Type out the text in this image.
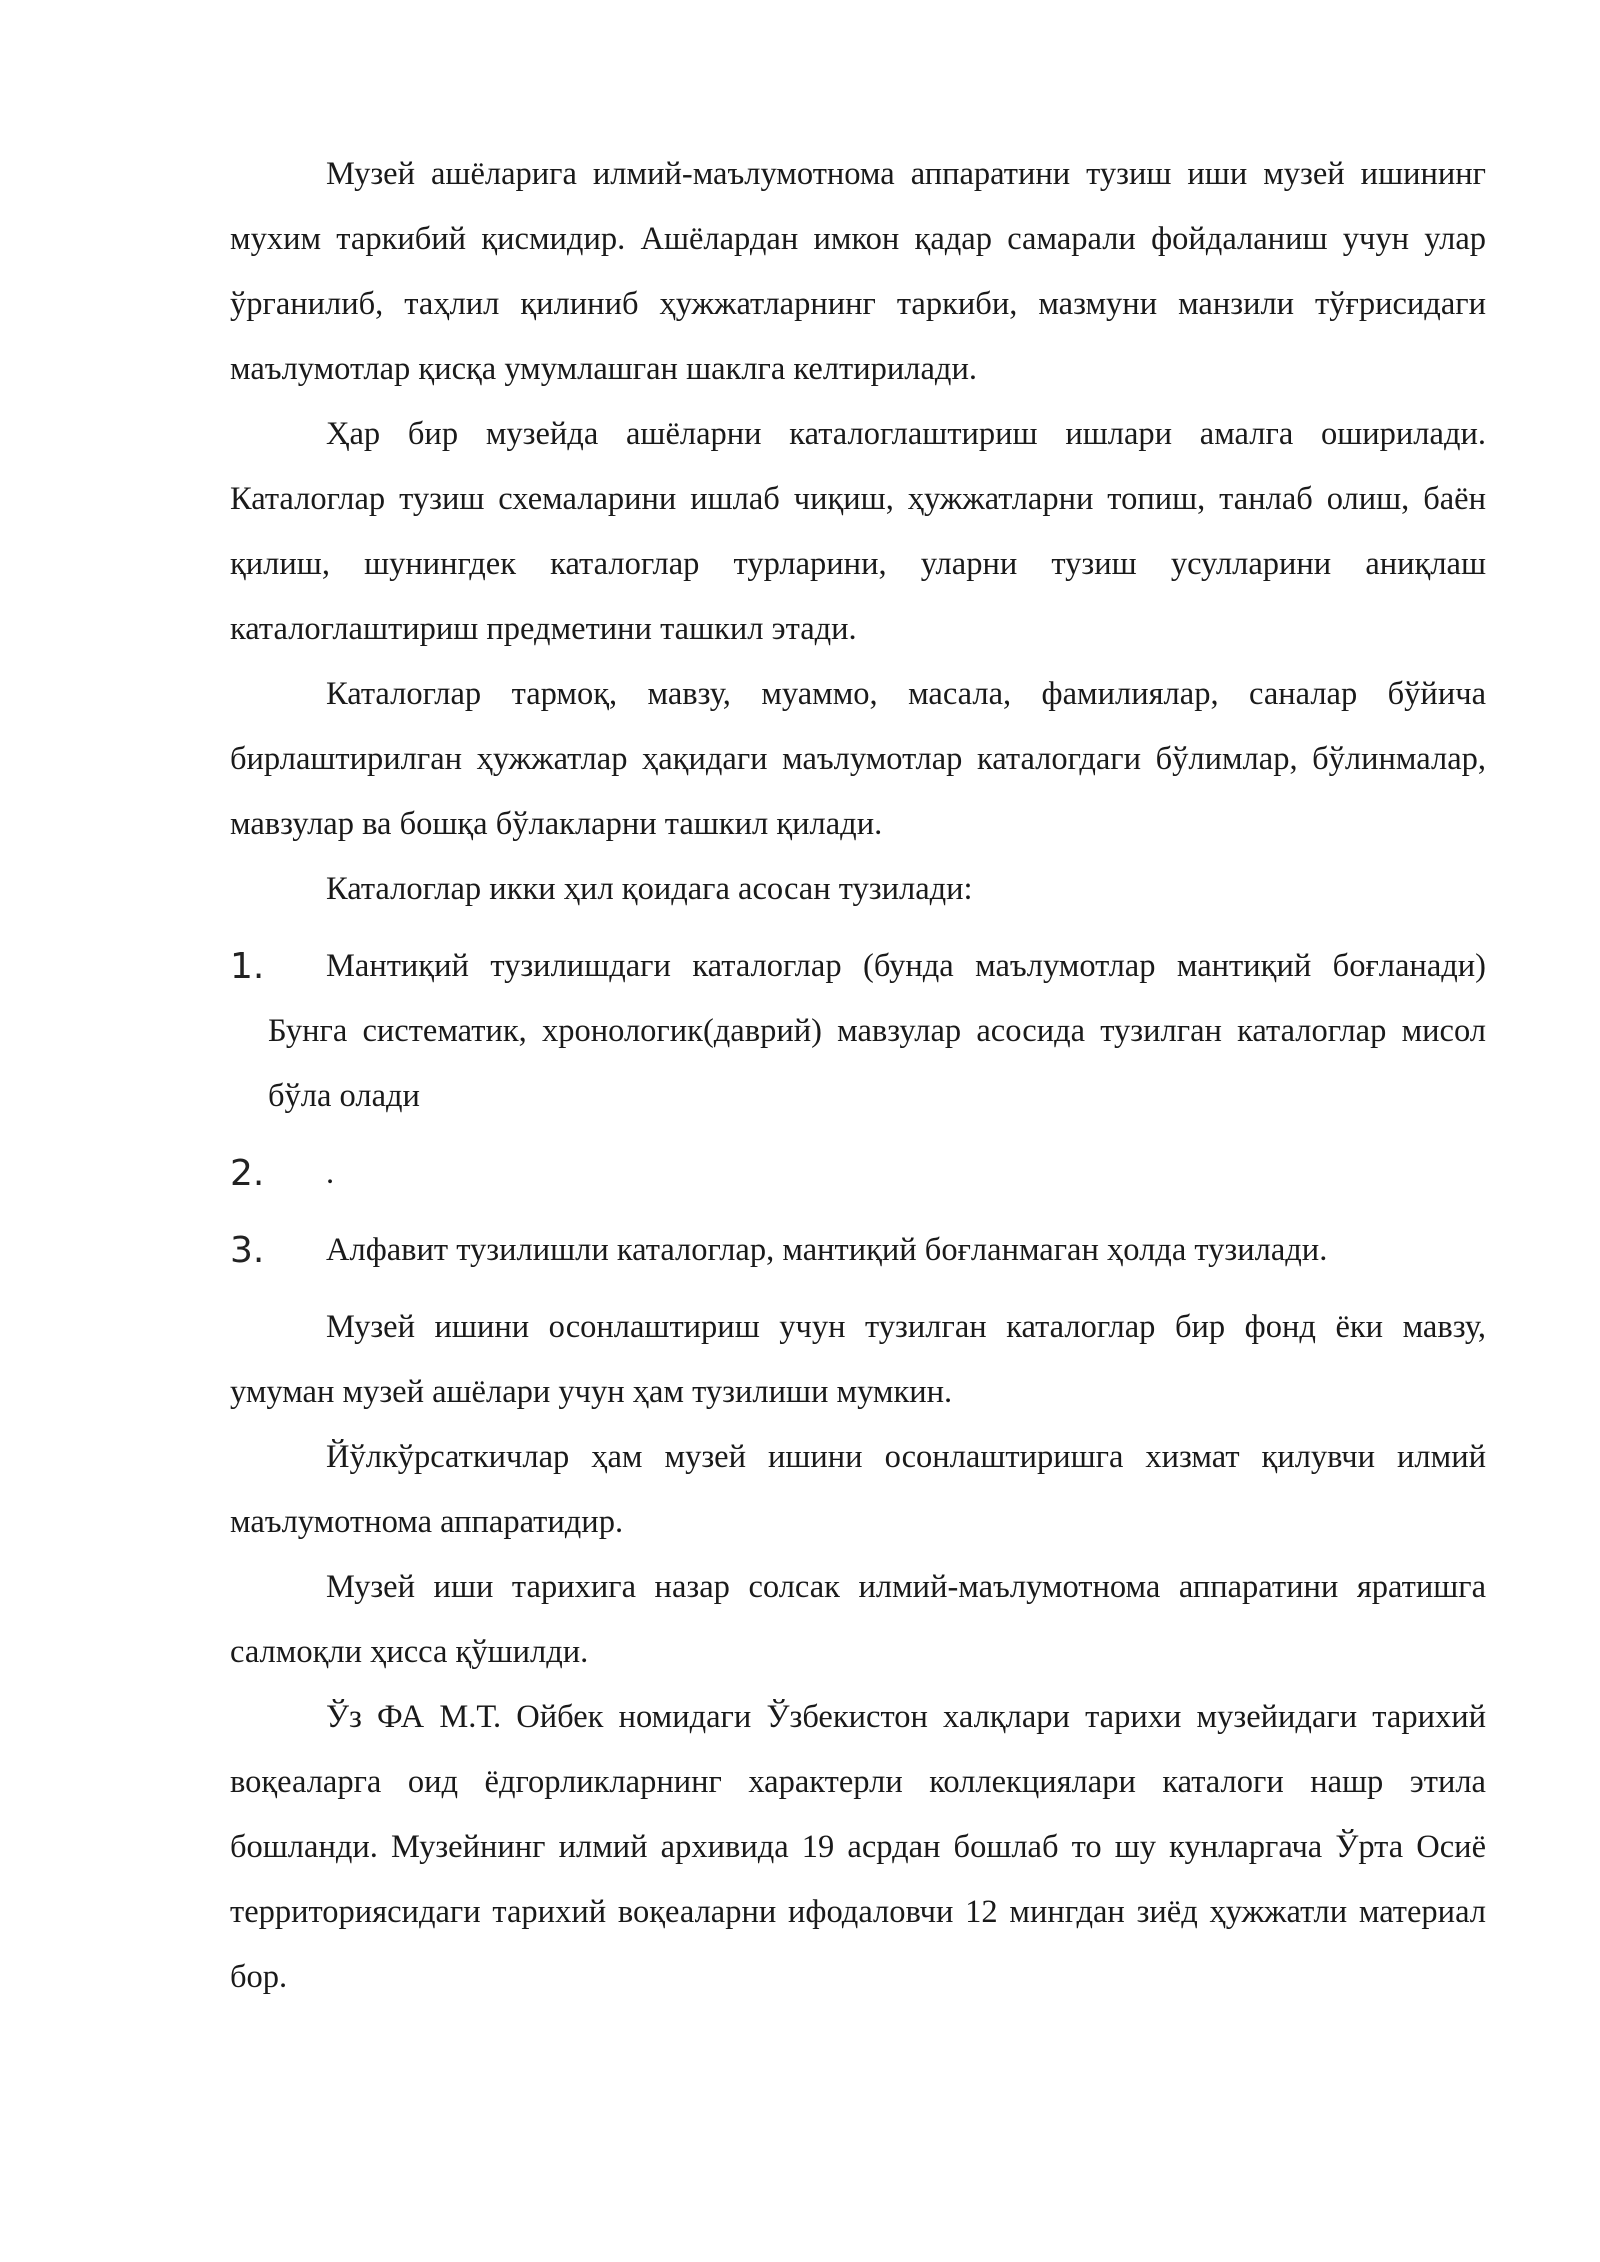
Музей ашёларига илмий-маълумотнома аппаратини тузиш иши музей ишининг мухим таркибий қисмидир. Ашёлардан имкон қадар самарали фойдаланиш учун улар ўрганилиб, таҳлил қилиниб ҳужжатларнинг таркиби, мазмуни манзили тўғрисидаги маълумотлар қисқа умумлашган шаклга келтирилади.

Ҳар бир музейда ашёларни каталоглаштириш ишлари амалга оширилади. Каталоглар тузиш схемаларини ишлаб чиқиш, ҳужжатларни топиш, танлаб олиш, баён қилиш, шунингдек каталоглар турларини, уларни тузиш усулларини аниқлаш каталоглаштириш предметини ташкил этади.

Каталоглар тармоқ, мавзу, муаммо, масала, фамилиялар, саналар бўйича бирлаштирилган ҳужжатлар ҳақидаги маълумотлар каталогдаги бўлимлар, бўлинмалар, мавзулар ва бошқа бўлакларни ташкил қилади.

Каталоглар икки ҳил қоидага асосан тузилади:

1.	Мантиқий тузилишдаги каталоглар (бунда маълумотлар мантиқий боғланади) Бунга систематик, хронологик(даврий) мавзулар асосида тузилган каталоглар мисол бўла олади
2.	.
3.	Алфавит тузилишли каталоглар, мантиқий боғланмаган ҳолда тузилади.

Музей ишини осонлаштириш учун тузилган каталоглар бир фонд ёки мавзу, умуман музей ашёлари учун ҳам тузилиши мумкин.

Йўлкўрсаткичлар ҳам музей ишини осонлаштиришга хизмат қилувчи илмий маълумотнома аппаратидир.

Музей иши тарихига назар солсак илмий-маълумотнома аппаратини яратишга салмоқли ҳисса қўшилди.

Ўз ФА М.Т. Ойбек номидаги Ўзбекистон халқлари тарихи музейидаги тарихий воқеаларга оид ёдгорликларнинг характерли коллекциялари каталоги нашр этила бошланди. Музейнинг илмий архивида 19 асрдан бошлаб то шу кунларгача Ўрта Осиё территориясидаги тарихий воқеаларни ифодаловчи 12 мингдан зиёд ҳужжатли материал бор.
